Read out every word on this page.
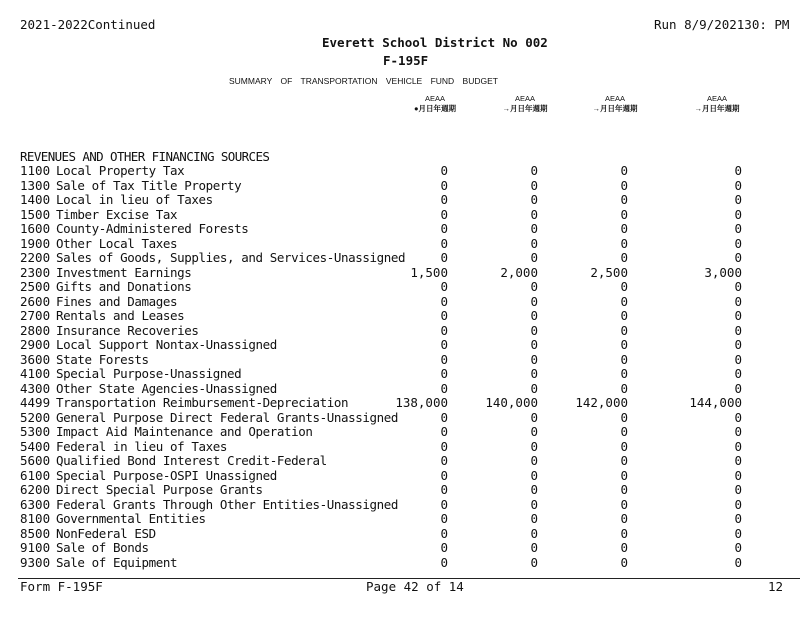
2021-2022Continued	Run 8/9/202130: PM
Everett School District No 002
F-195F
SUMMARY OF TRANSPORTATION VEHICLE FUND BUDGET
AEAA
●月日年週期
AEAA
→月日年週期
AEAA
→月日年週期
AEAA
→月日年週期
REVENUES AND OTHER FINANCING SOURCES
1100 Local Property Tax	0	0	0	0
1300 Sale of Tax Title Property	0	0	0	0
1400 Local in lieu of Taxes	0	0	0	0
1500 Timber Excise Tax	0	0	0	0
1600 County-Administered Forests	0	0	0	0
1900 Other Local Taxes	0	0	0	0
2200 Sales of Goods, Supplies, and Services-Unassigned	0	0	0	0
2300 Investment Earnings	1,500	2,000	2,500	3,000
2500 Gifts and Donations	0	0	0	0
2600 Fines and Damages	0	0	0	0
2700 Rentals and Leases	0	0	0	0
2800 Insurance Recoveries	0	0	0	0
2900 Local Support Nontax-Unassigned	0	0	0	0
3600 State Forests	0	0	0	0
4100 Special Purpose-Unassigned	0	0	0	0
4300 Other State Agencies-Unassigned	0	0	0	0
4499 Transportation Reimbursement-Depreciation	138,000	140,000	142,000	144,000
5200 General Purpose Direct Federal Grants-Unassigned	0	0	0	0
5300 Impact Aid Maintenance and Operation	0	0	0	0
5400 Federal in lieu of Taxes	0	0	0	0
5600 Qualified Bond Interest Credit-Federal	0	0	0	0
6100 Special Purpose-OSPI Unassigned	0	0	0	0
6200 Direct Special Purpose Grants	0	0	0	0
6300 Federal Grants Through Other Entities-Unassigned	0	0	0	0
8100 Governmental Entities	0	0	0	0
8500 NonFederal ESD	0	0	0	0
9100 Sale of Bonds	0	0	0	0
9300 Sale of Equipment	0	0	0	0
Form F-195F	Page 42 of 14	12
